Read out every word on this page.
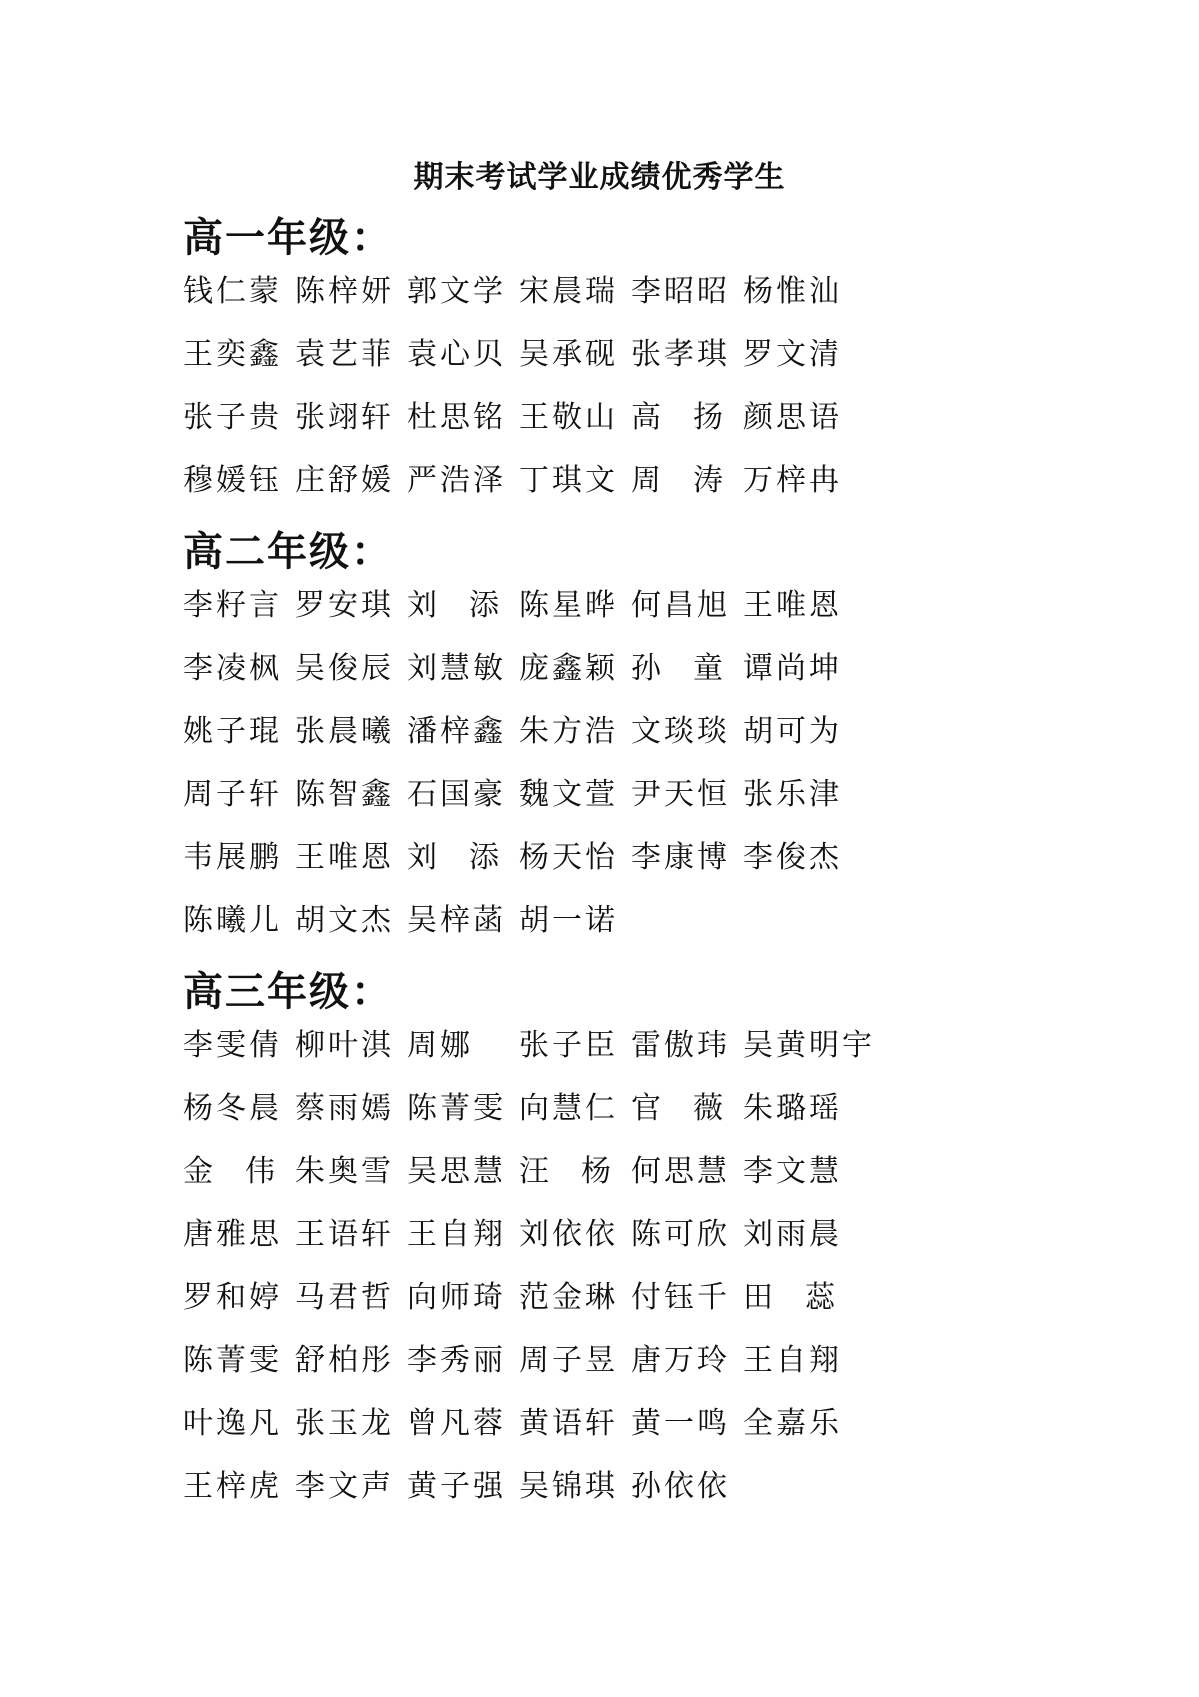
期末考试学业成绩优秀学生
高一年级：
钱仁蒙 陈梓妍 郭文学 宋晨瑞 李昭昭 杨惟汕
王奕鑫 袁艺菲 袁心贝 吴承砚 张孝琪 罗文清
张子贵 张翊轩 杜思铭 王敬山 高 扬 颜思语
穆媛钰 庄舒媛 严浩泽 丁琪文 周 涛 万梓冉
高二年级：
李籽言 罗安琪 刘 添 陈星晔 何昌旭 王唯恩
李凌枫 吴俊辰 刘慧敏 庞鑫颖 孙 童 谭尚坤
姚子琨 张晨曦 潘梓鑫 朱方浩 文琰琰 胡可为
周子轩 陈智鑫 石国豪 魏文萱 尹天恒 张乐津
韦展鹏 王唯恩 刘 添 杨天怡 李康博 李俊杰
陈曦儿 胡文杰 吴梓菡 胡一诺
高三年级：
李雯倩 柳叶淇 周娜	张子臣 雷傲玮 吴黄明宇
杨冬晨 蔡雨嫣 陈菁雯 向慧仁 官 薇 朱璐瑶
金 伟 朱奥雪 吴思慧 汪 杨 何思慧 李文慧
唐雅思 王语轩 王自翔 刘依依 陈可欣 刘雨晨
罗和婷 马君哲 向师琦 范金琳 付钰千 田 蕊
陈菁雯 舒柏彤 李秀丽 周子昱 唐万玲 王自翔
叶逸凡 张玉龙 曾凡蓉 黄语轩 黄一鸣 全嘉乐
王梓虎 李文声 黄子强 吴锦琪 孙依依
